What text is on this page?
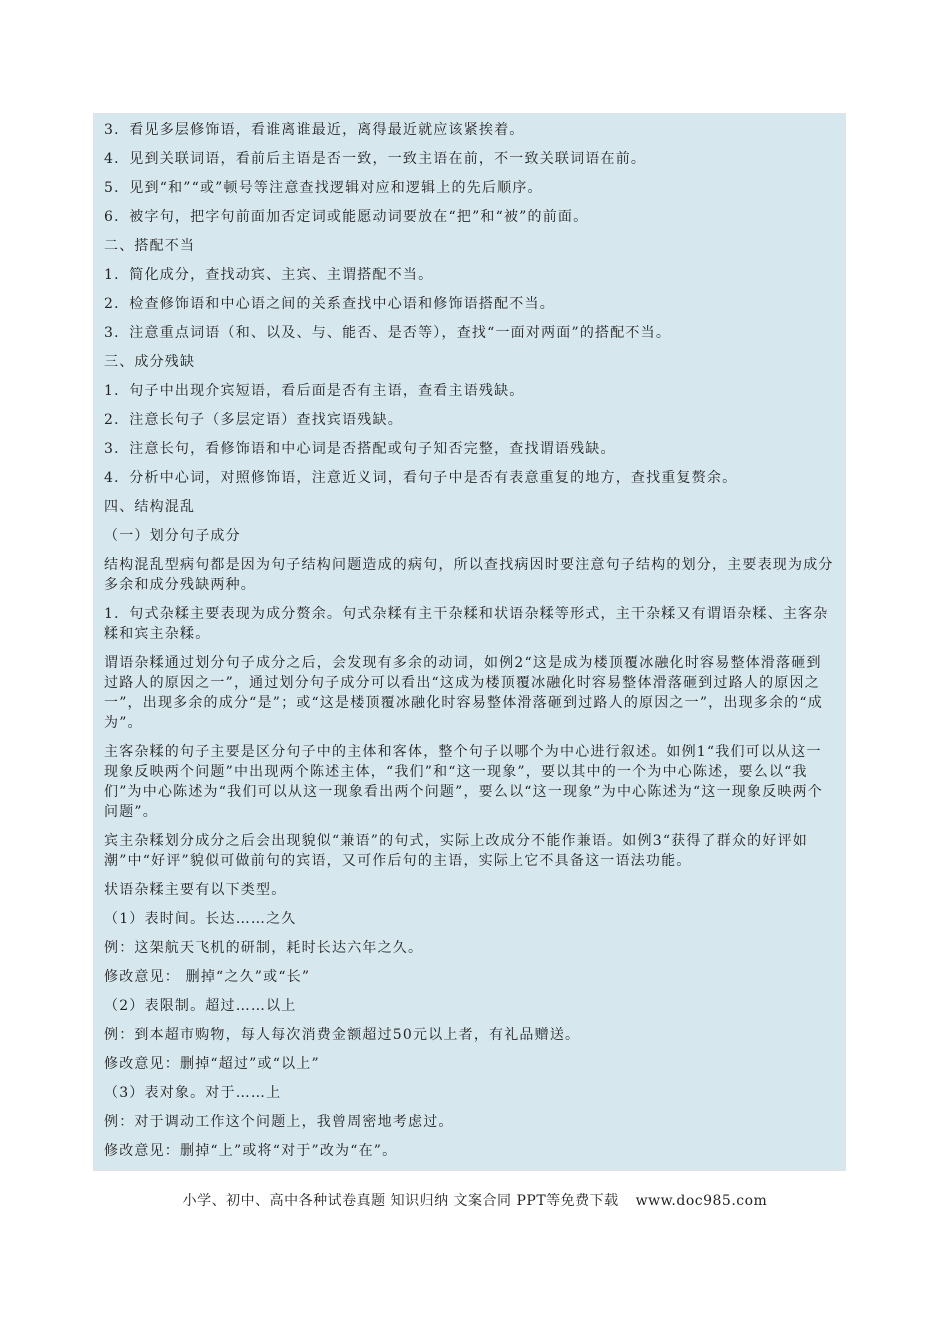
3．看见多层修饰语，看谁离谁最近，离得最近就应该紧挨着。

4．见到关联词语，看前后主语是否一致，一致主语在前，不一致关联词语在前。

5．见到“和”“或”顿号等注意查找逻辑对应和逻辑上的先后顺序。

6．被字句，把字句前面加否定词或能愿动词要放在“把”和“被”的前面。

二、搭配不当

1．简化成分，查找动宾、主宾、主谓搭配不当。

2．检查修饰语和中心语之间的关系查找中心语和修饰语搭配不当。

3．注意重点词语（和、以及、与、能否、是否等），查找“一面对两面”的搭配不当。

三、成分残缺

1．句子中出现介宾短语，看后面是否有主语，查看主语残缺。

2．注意长句子（多层定语）查找宾语残缺。

3．注意长句，看修饰语和中心词是否搭配或句子知否完整，查找谓语残缺。

4．分析中心词，对照修饰语，注意近义词，看句子中是否有表意重复的地方，查找重复赘余。

四、结构混乱

（一）划分句子成分

结构混乱型病句都是因为句子结构问题造成的病句，所以查找病因时要注意句子结构的划分，主要表现为成分多余和成分残缺两种。

1．句式杂糅主要表现为成分赘余。句式杂糅有主干杂糅和状语杂糅等形式，主干杂糅又有谓语杂糅、主客杂糅和宾主杂糅。

谓语杂糅通过划分句子成分之后，会发现有多余的动词，如例2“这是成为楼顶覆冰融化时容易整体滑落砸到过路人的原因之一”，通过划分句子成分可以看出“这成为楼顶覆冰融化时容易整体滑落砸到过路人的原因之一”，出现多余的成分“是”；或“这是楼顶覆冰融化时容易整体滑落砸到过路人的原因之一”，出现多余的“成为”。

主客杂糅的句子主要是区分句子中的主体和客体，整个句子以哪个为中心进行叙述。如例1“我们可以从这一现象反映两个问题”中出现两个陈述主体，“我们”和“这一现象”，要以其中的一个为中心陈述，要么以“我们”为中心陈述为“我们可以从这一现象看出两个问题”，要么以“这一现象”为中心陈述为“这一现象反映两个问题”。

宾主杂糅划分成分之后会出现貌似“兼语”的句式，实际上改成分不能作兼语。如例3“获得了群众的好评如潮”中“好评”貌似可做前句的宾语，又可作后句的主语，实际上它不具备这一语法功能。

状语杂糅主要有以下类型。

（1）表时间。长达……之久

例：这架航天飞机的研制，耗时长达六年之久。

修改意见： 删掉“之久”或“长”

（2）表限制。超过……以上

例：到本超市购物，每人每次消费金额超过50元以上者，有礼品赠送。

修改意见：删掉“超过”或“以上”

（3）表对象。对于……上

例：对于调动工作这个问题上，我曾周密地考虑过。

修改意见：删掉“上”或将“对于”改为“在”。

小学、初中、高中各种试卷真题 知识归纳 文案合同 PPT等免费下载 www.doc985.com
